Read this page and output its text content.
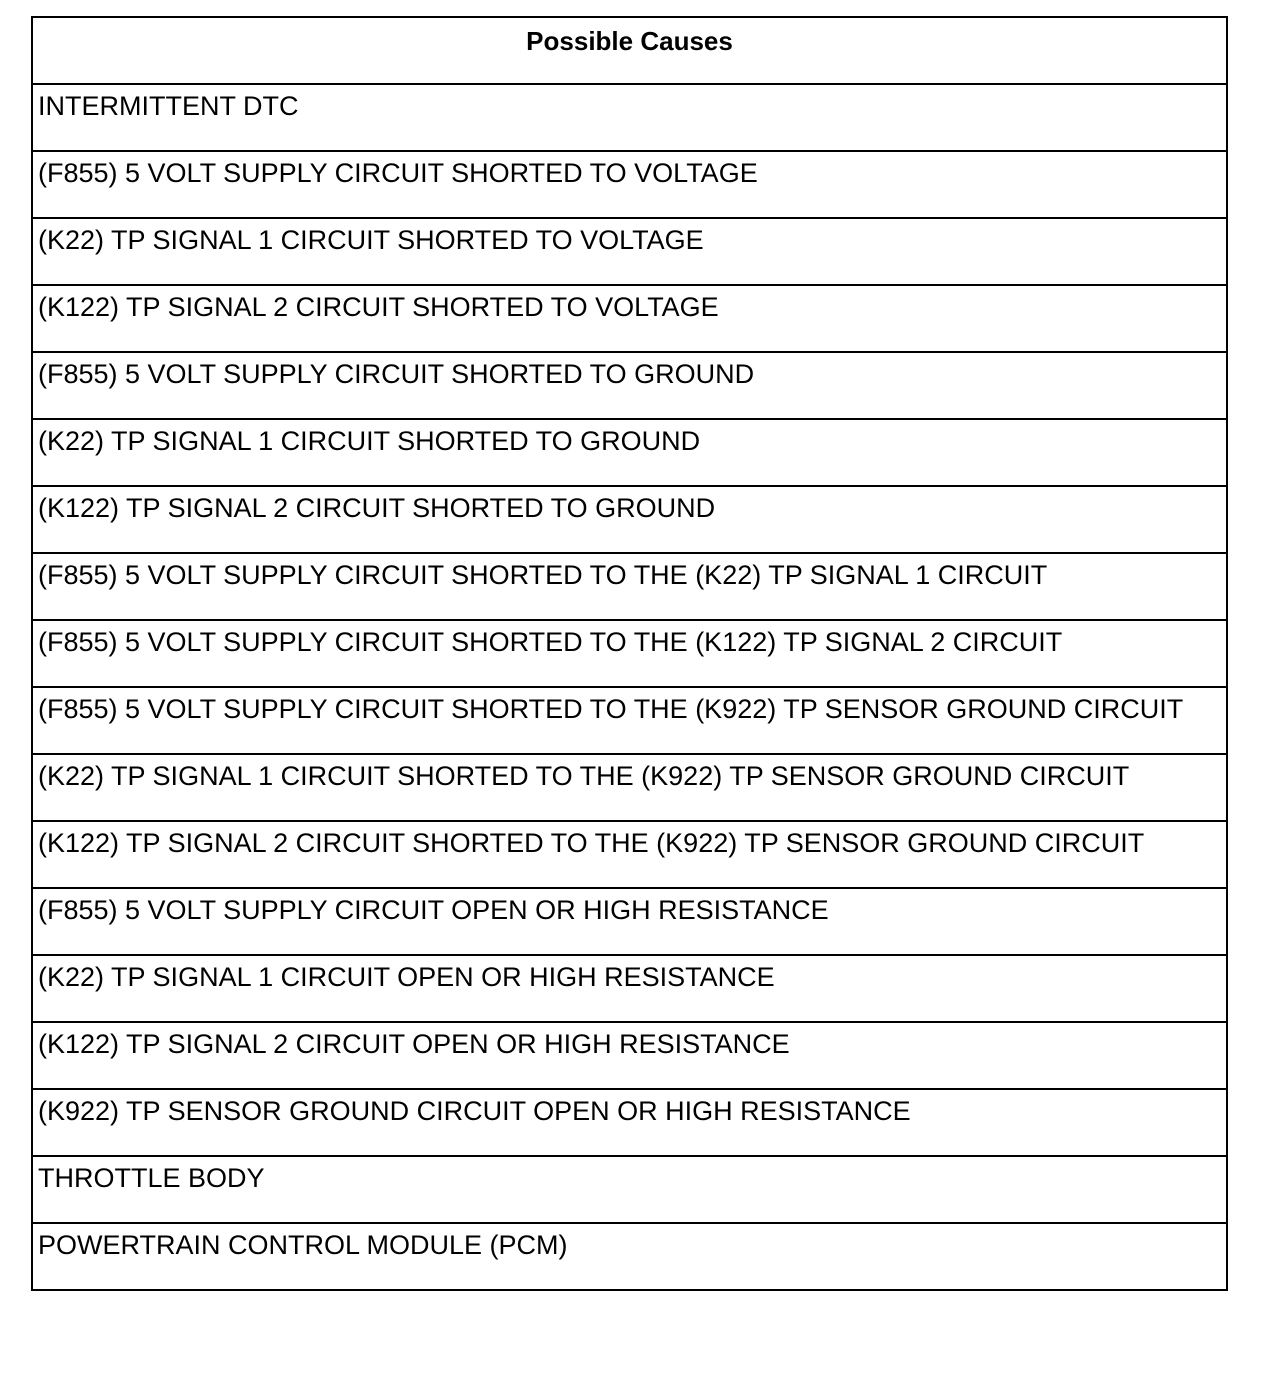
Possible Causes
INTERMITTENT DTC
(F855) 5 VOLT SUPPLY CIRCUIT SHORTED TO VOLTAGE
(K22) TP SIGNAL 1 CIRCUIT SHORTED TO VOLTAGE
(K122) TP SIGNAL 2 CIRCUIT SHORTED TO VOLTAGE
(F855) 5 VOLT SUPPLY CIRCUIT SHORTED TO GROUND
(K22) TP SIGNAL 1 CIRCUIT SHORTED TO GROUND
(K122) TP SIGNAL 2 CIRCUIT SHORTED TO GROUND
(F855) 5 VOLT SUPPLY CIRCUIT SHORTED TO THE (K22) TP SIGNAL 1 CIRCUIT
(F855) 5 VOLT SUPPLY CIRCUIT SHORTED TO THE (K122) TP SIGNAL 2 CIRCUIT
(F855) 5 VOLT SUPPLY CIRCUIT SHORTED TO THE (K922) TP SENSOR GROUND CIRCUIT
(K22) TP SIGNAL 1 CIRCUIT SHORTED TO THE (K922) TP SENSOR GROUND CIRCUIT
(K122) TP SIGNAL 2 CIRCUIT SHORTED TO THE (K922) TP SENSOR GROUND CIRCUIT
(F855) 5 VOLT SUPPLY CIRCUIT OPEN OR HIGH RESISTANCE
(K22) TP SIGNAL 1 CIRCUIT OPEN OR HIGH RESISTANCE
(K122) TP SIGNAL 2 CIRCUIT OPEN OR HIGH RESISTANCE
(K922) TP SENSOR GROUND CIRCUIT OPEN OR HIGH RESISTANCE
THROTTLE BODY
POWERTRAIN CONTROL MODULE (PCM)
